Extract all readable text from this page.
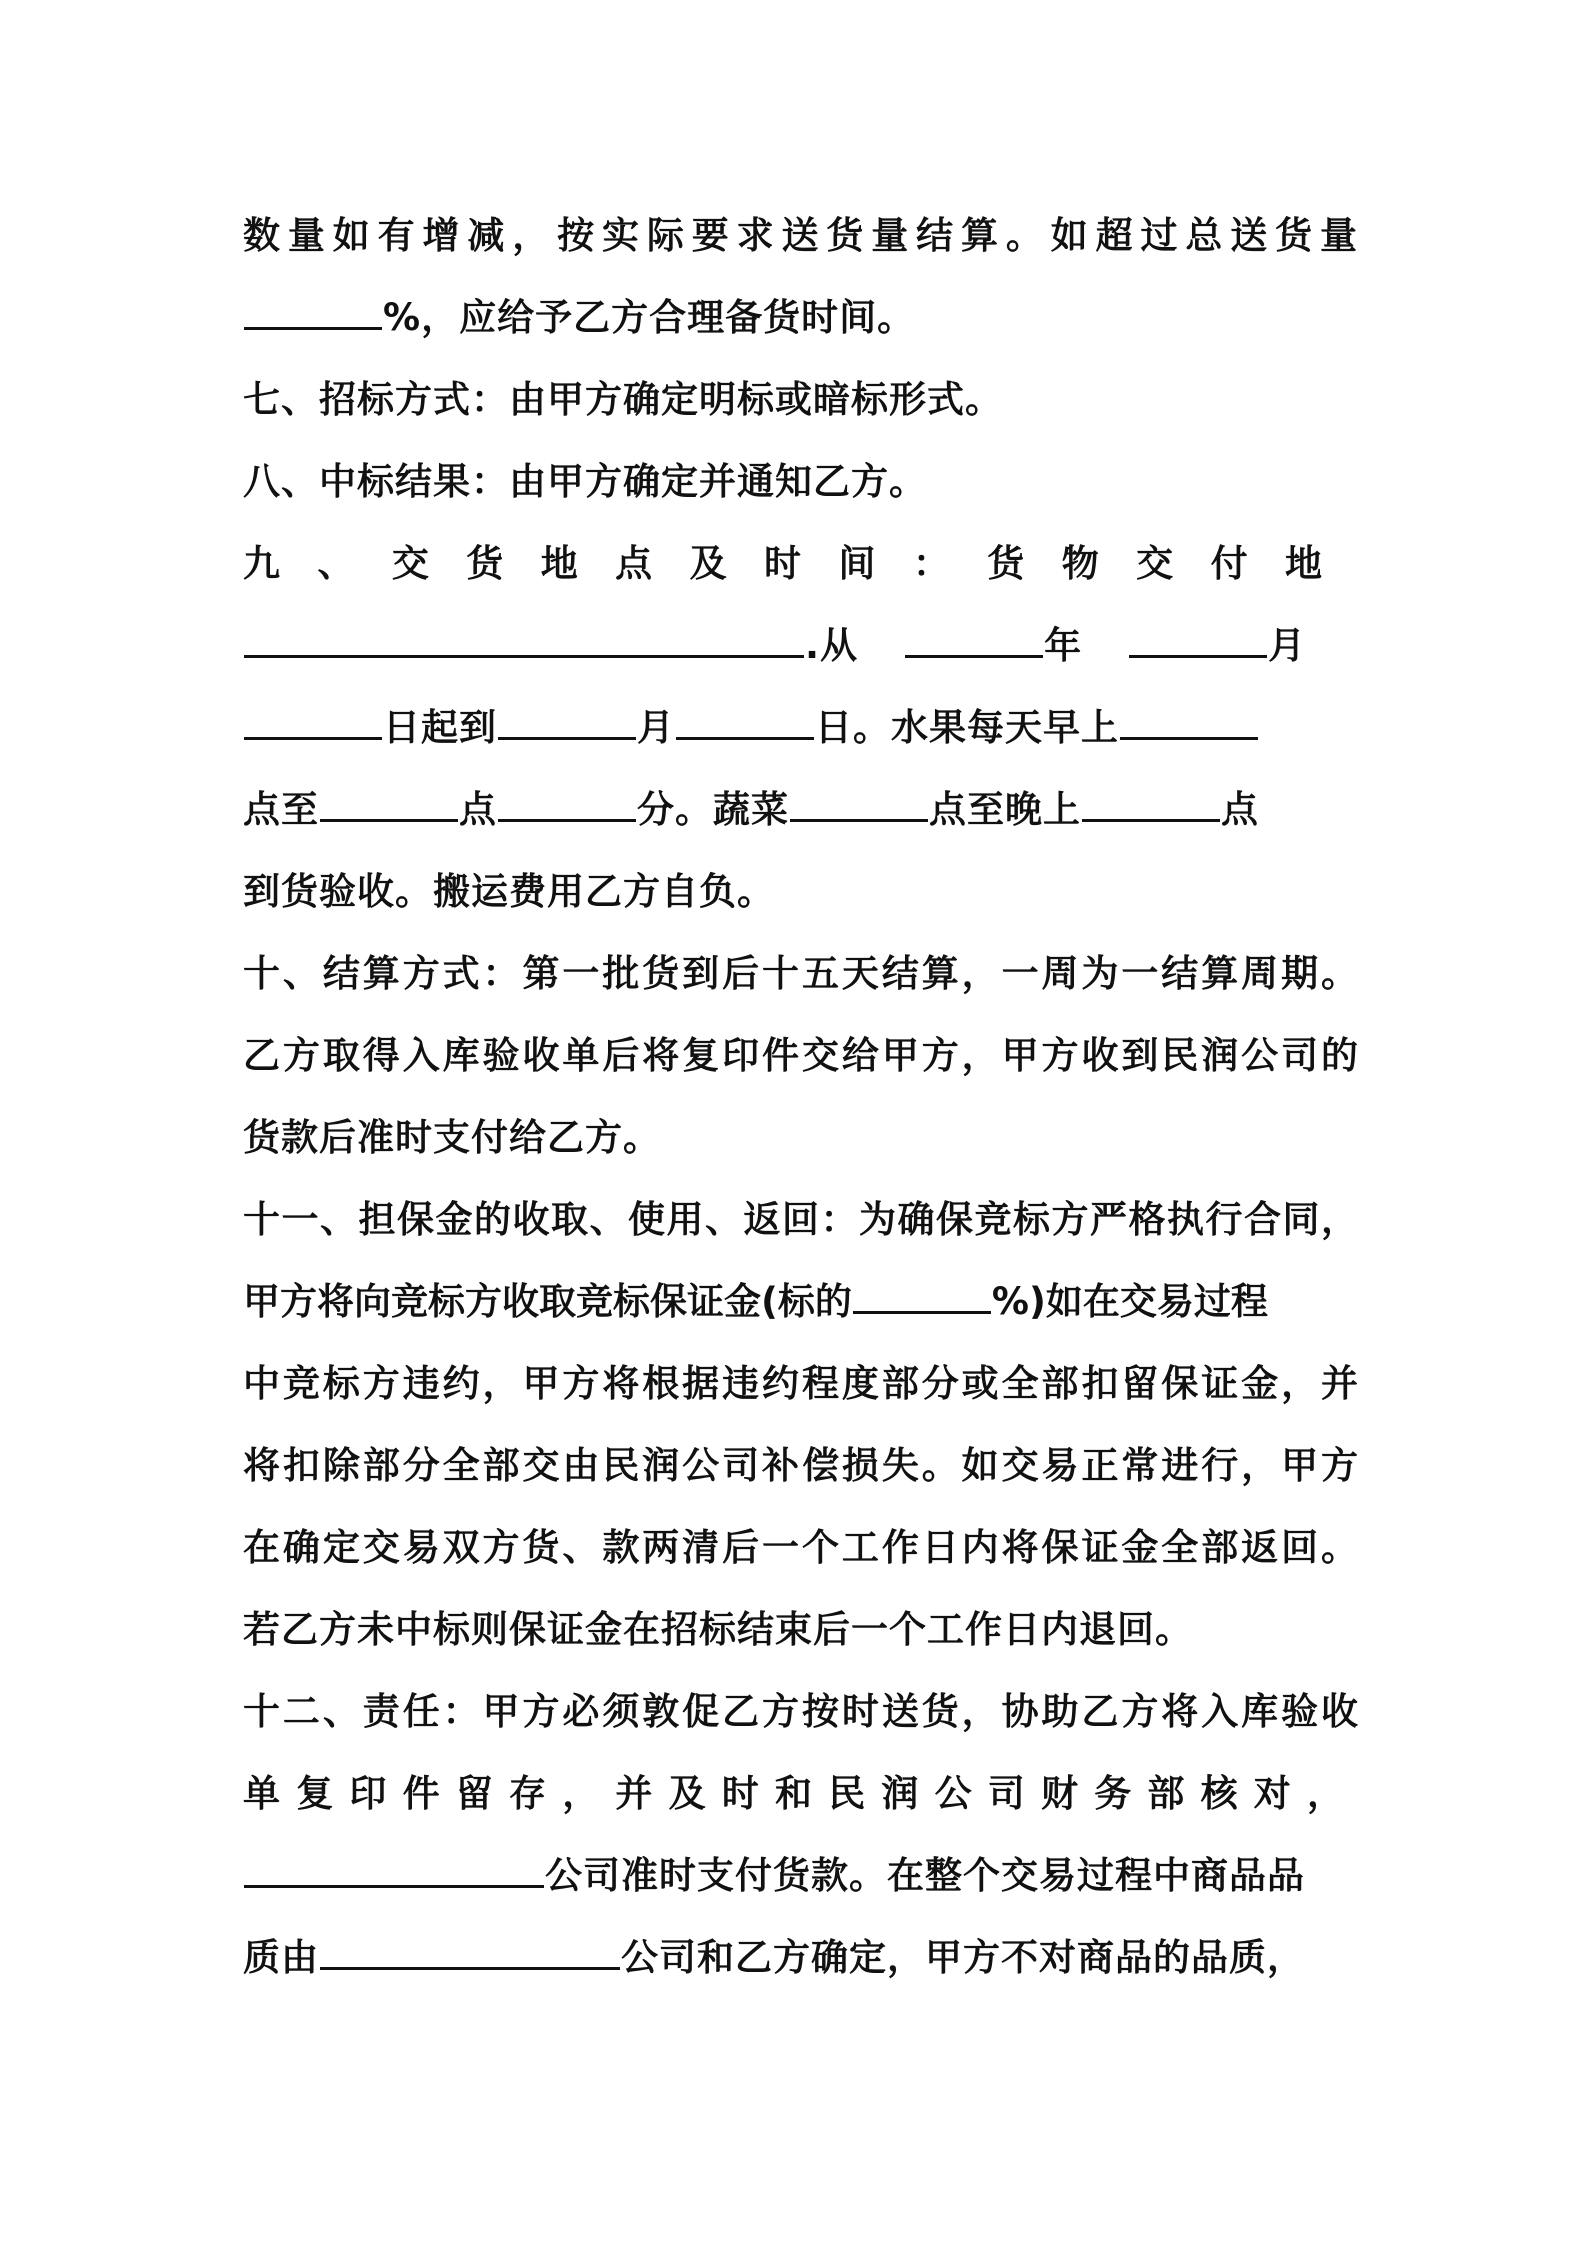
数量如有增减，按实际要求送货量结算。如超过总送货量
%，应给予乙方合理备货时间。
七、招标方式：由甲方确定明标或暗标形式。
八、中标结果：由甲方确定并通知乙方。
九、交货地点及时间：货物交付地
.从	年	月
日起到	月	日。水果每天早上
点至	点	分。蔬菜	点至晚上	点
到货验收。搬运费用乙方自负。
十、结算方式：第一批货到后十五天结算，一周为一结算周期。
乙方取得入库验收单后将复印件交给甲方，甲方收到民润公司的
货款后准时支付给乙方。
十一、担保金的收取、使用、返回：为确保竞标方严格执行合同，
甲方将向竞标方收取竞标保证金(标的	%)如在交易过程
中竞标方违约，甲方将根据违约程度部分或全部扣留保证金，并
将扣除部分全部交由民润公司补偿损失。如交易正常进行，甲方
在确定交易双方货、款两清后一个工作日内将保证金全部返回。
若乙方未中标则保证金在招标结束后一个工作日内退回。
十二、责任：甲方必须敦促乙方按时送货，协助乙方将入库验收
单复印件留存，并及时和民润公司财务部核对，
公司准时支付货款。在整个交易过程中商品品
质由	公司和乙方确定，甲方不对商品的品质，
